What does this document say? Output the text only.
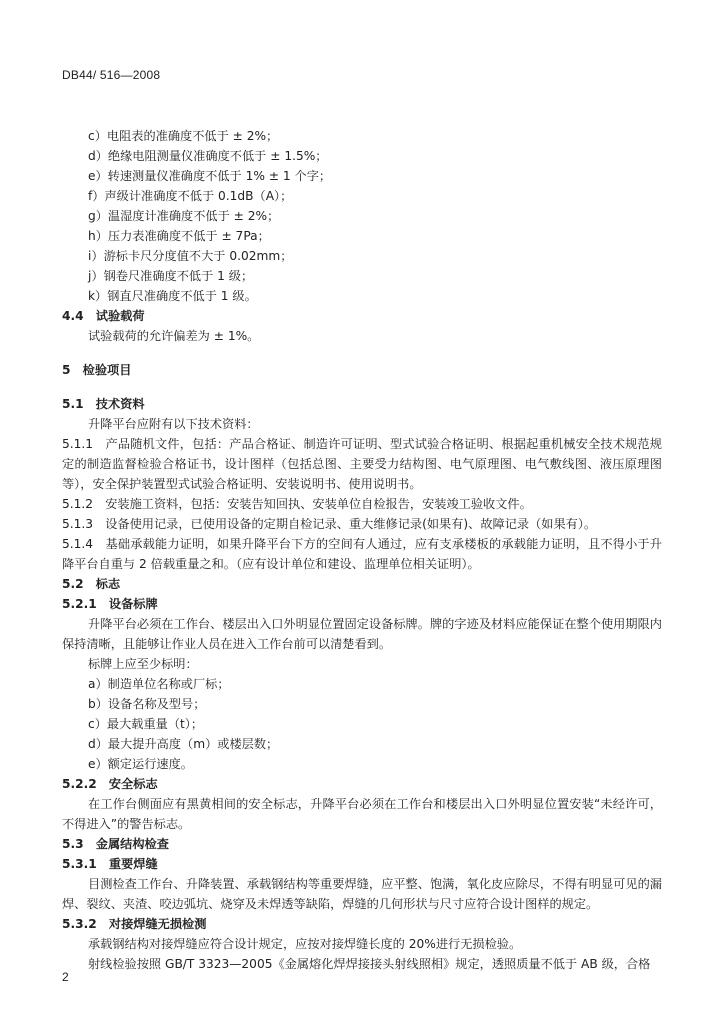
DB44/ 516—2008
c）电阻表的准确度不低于 ± 2%；
d）绝缘电阻测量仪准确度不低于 ± 1.5%；
e）转速测量仪准确度不低于 1% ± 1 个字；
f）声级计准确度不低于 0.1dB（A）；
g）温湿度计准确度不低于 ± 2%；
h）压力表准确度不低于 ± 7Pa；
i）游标卡尺分度值不大于 0.02mm；
j）钢卷尺准确度不低于 1 级；
k）钢直尺准确度不低于 1 级。
4.4　试验载荷
试验载荷的允许偏差为 ± 1%。
5　检验项目
5.1　技术资料
升降平台应附有以下技术资料：
5.1.1　产品随机文件，包括：产品合格证、制造许可证明、型式试验合格证明、根据起重机械安全技术规范规定的制造监督检验合格证书，设计图样（包括总图、主要受力结构图、电气原理图、电气敷线图、液压原理图等），安全保护装置型式试验合格证明、安装说明书、使用说明书。
5.1.2　安装施工资料，包括：安装告知回执、安装单位自检报告，安装竣工验收文件。
5.1.3　设备使用记录，已使用设备的定期自检记录、重大维修记录(如果有)、故障记录（如果有）。
5.1.4　基础承载能力证明，如果升降平台下方的空间有人通过，应有支承楼板的承载能力证明，且不得小于升降平台自重与 2 倍载重量之和。（应有设计单位和建设、监理单位相关证明）。
5.2　标志
5.2.1　设备标牌
升降平台必须在工作台、楼层出入口外明显位置固定设备标牌。牌的字迹及材料应能保证在整个使用期限内保持清晰，且能够让作业人员在进入工作台前可以清楚看到。
标牌上应至少标明：
a）制造单位名称或厂标；
b）设备名称及型号；
c）最大载重量（t）；
d）最大提升高度（m）或楼层数；
e）额定运行速度。
5.2.2　安全标志
在工作台侧面应有黑黄相间的安全标志，升降平台必须在工作台和楼层出入口外明显位置安装“未经许可，不得进入”的警告标志。
5.3　金属结构检查
5.3.1　重要焊缝
目测检查工作台、升降装置、承载钢结构等重要焊缝，应平整、饱满，氧化皮应除尽，不得有明显可见的漏焊、裂纹、夹渣、咬边弧坑、烧穿及未焊透等缺陷，焊缝的几何形状与尺寸应符合设计图样的规定。
5.3.2　对接焊缝无损检测
承载钢结构对接焊缝应符合设计规定，应按对接焊缝长度的 20%进行无损检验。
射线检验按照 GB/T 3323—2005《金属熔化焊焊接接头射线照相》规定，透照质量不低于 AB 级，合格
2
